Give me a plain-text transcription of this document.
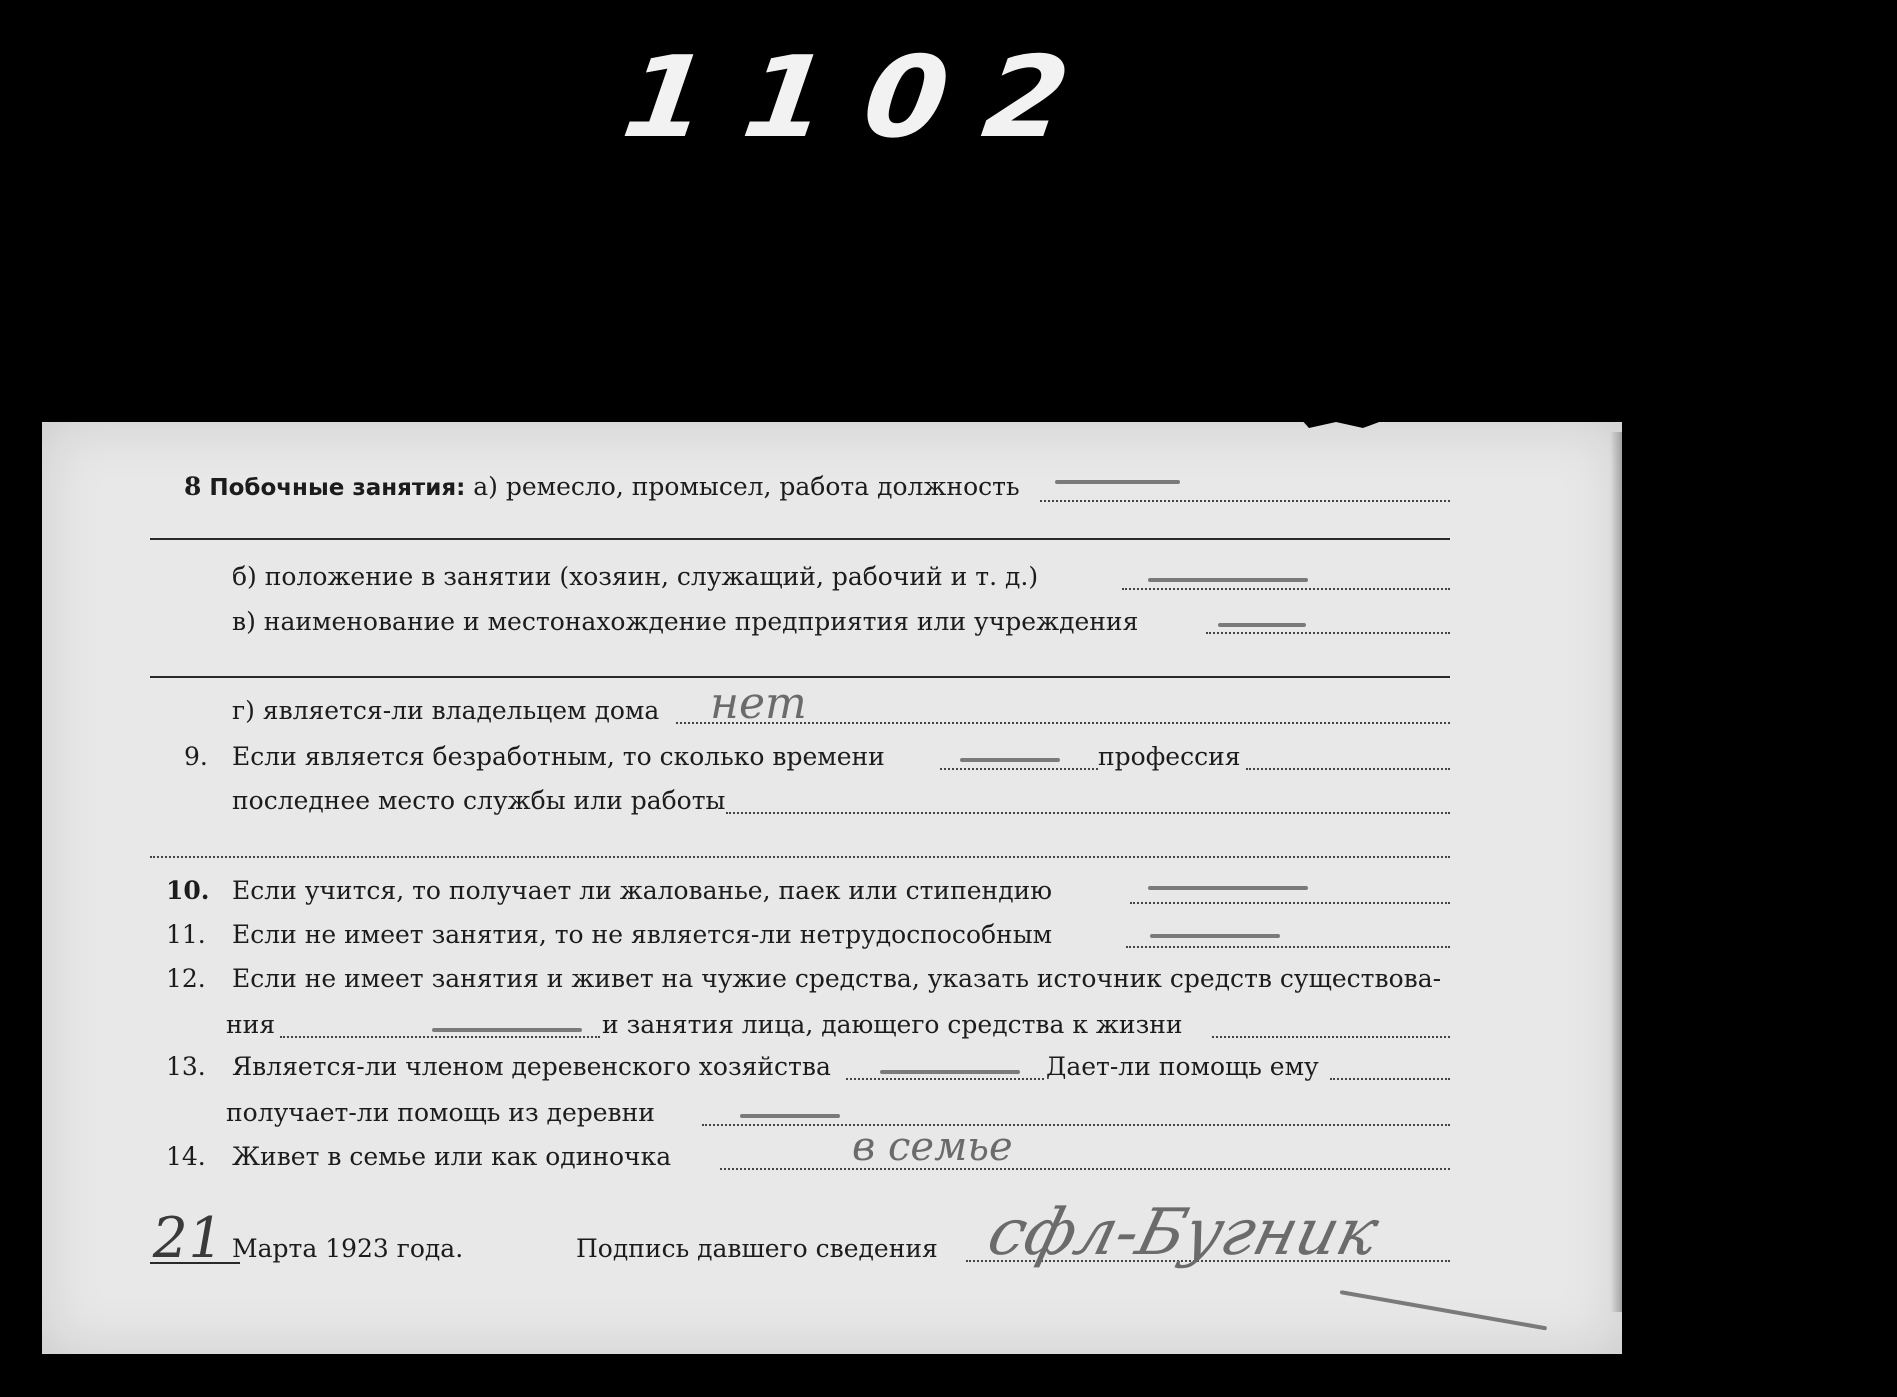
1102
8 Побочные занятия: а) ремесло, промысел, работа должность
б) положение в занятии (хозяин, служащий, рабочий и т. д.)
в) наименование и местонахождение предприятия или учреждения
г) является-ли владельцем дома нет
9. Если является безработным, то сколько времени	профессия
последнее место службы или работы
10. Если учится, то получает ли жалованье, паек или стипендию
11. Если не имеет занятия, то не является-ли нетрудоспособным
12. Если не имеет занятия и живет на чужие средства, указать источник средств существова-
ния	и занятия лица, дающего средства к жизни
13. Является-ли членом деревенского хозяйства	Дает-ли помощь ему
получает-ли помощь из деревни
14. Живет в семье или как одиночка	в семье
21 Марта 1923 года.	Подпись давшего сведения сфл-Бугник
